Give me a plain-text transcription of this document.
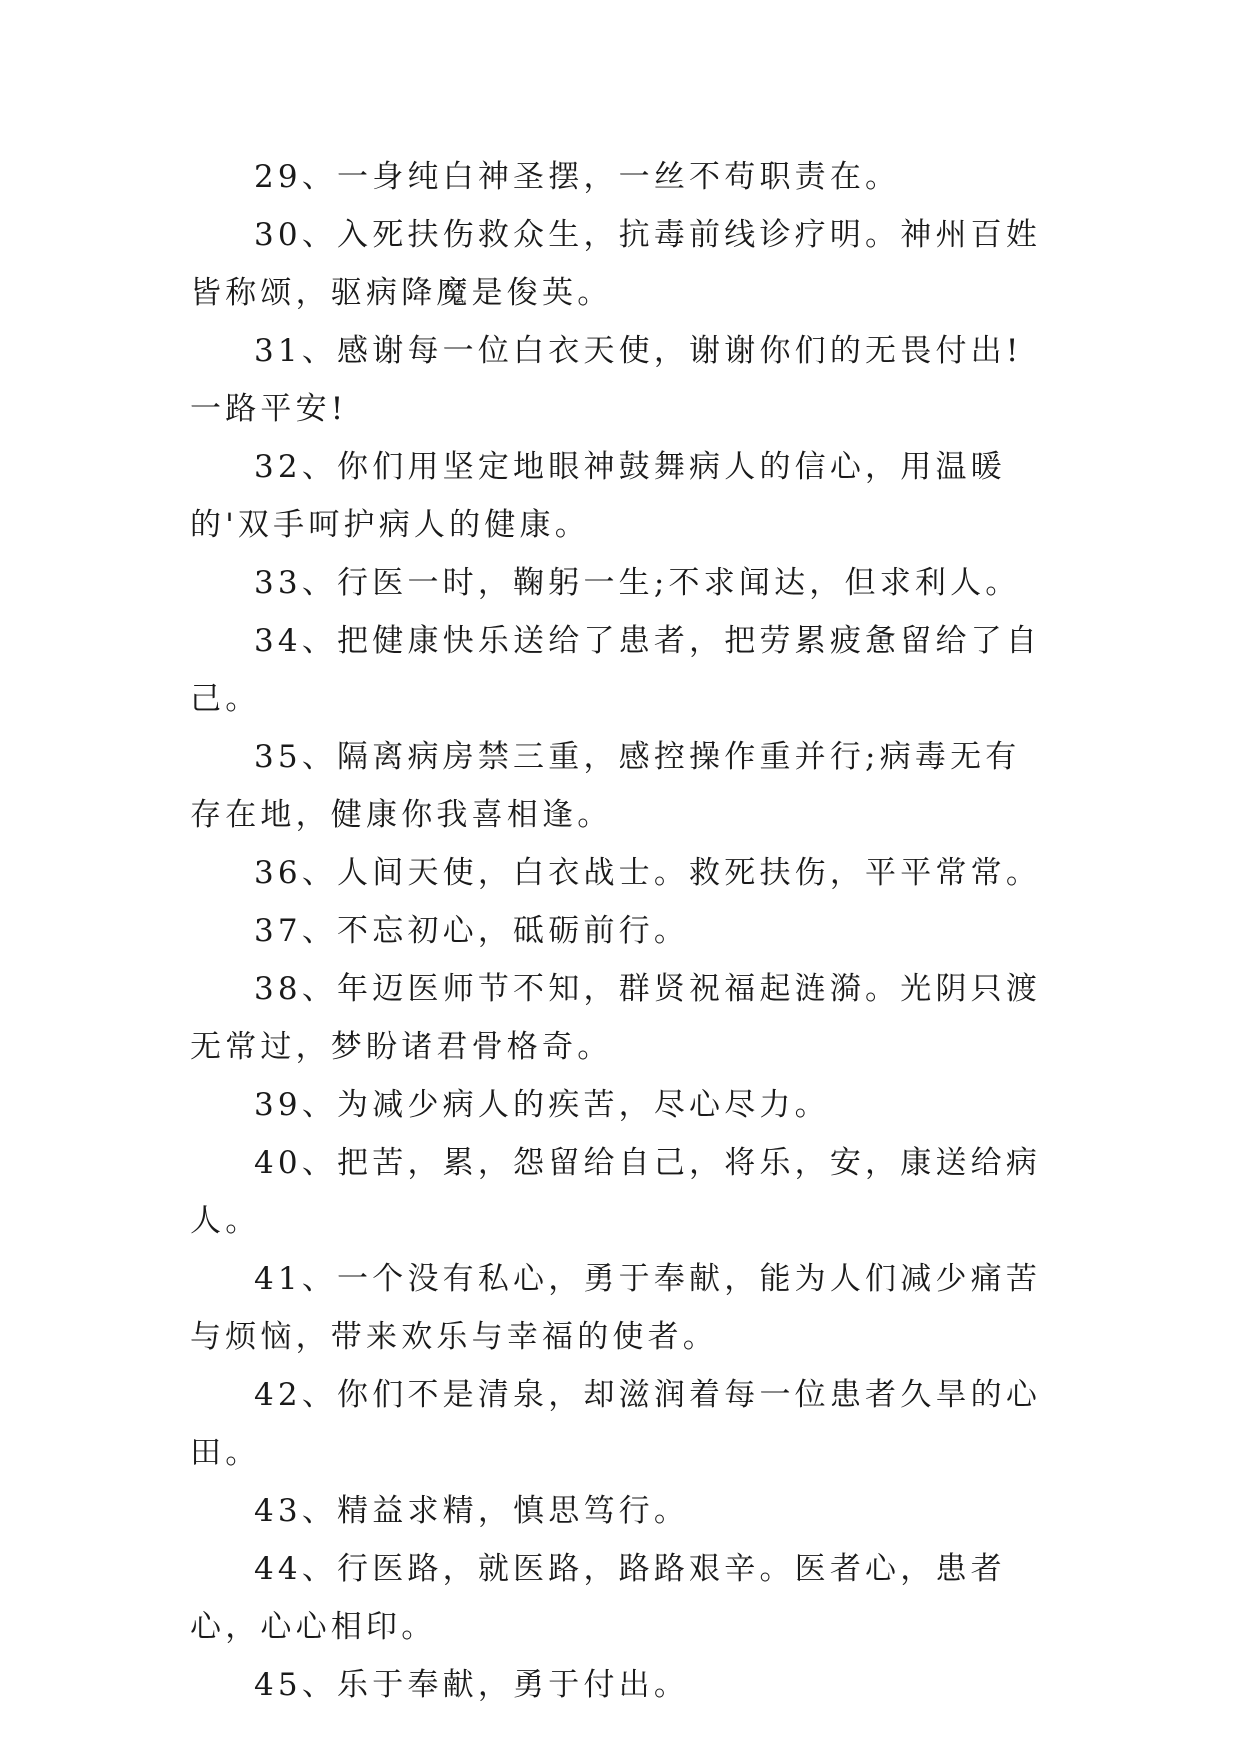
29、一身纯白神圣摆，一丝不苟职责在。

30、入死扶伤救众生，抗毒前线诊疗明。神州百姓皆称颂，驱病降魔是俊英。

31、感谢每一位白衣天使，谢谢你们的无畏付出!一路平安!

32、你们用坚定地眼神鼓舞病人的信心，用温暖的'双手呵护病人的健康。

33、行医一时，鞠躬一生;不求闻达，但求利人。

34、把健康快乐送给了患者，把劳累疲惫留给了自己。

35、隔离病房禁三重，感控操作重并行;病毒无有存在地，健康你我喜相逢。

36、人间天使，白衣战士。救死扶伤，平平常常。

37、不忘初心，砥砺前行。

38、年迈医师节不知，群贤祝福起涟漪。光阴只渡无常过，梦盼诸君骨格奇。

39、为减少病人的疾苦，尽心尽力。

40、把苦，累，怨留给自己，将乐，安，康送给病人。

41、一个没有私心，勇于奉献，能为人们减少痛苦与烦恼，带来欢乐与幸福的使者。

42、你们不是清泉，却滋润着每一位患者久旱的心田。

43、精益求精，慎思笃行。

44、行医路，就医路，路路艰辛。医者心，患者心，心心相印。

45、乐于奉献，勇于付出。
